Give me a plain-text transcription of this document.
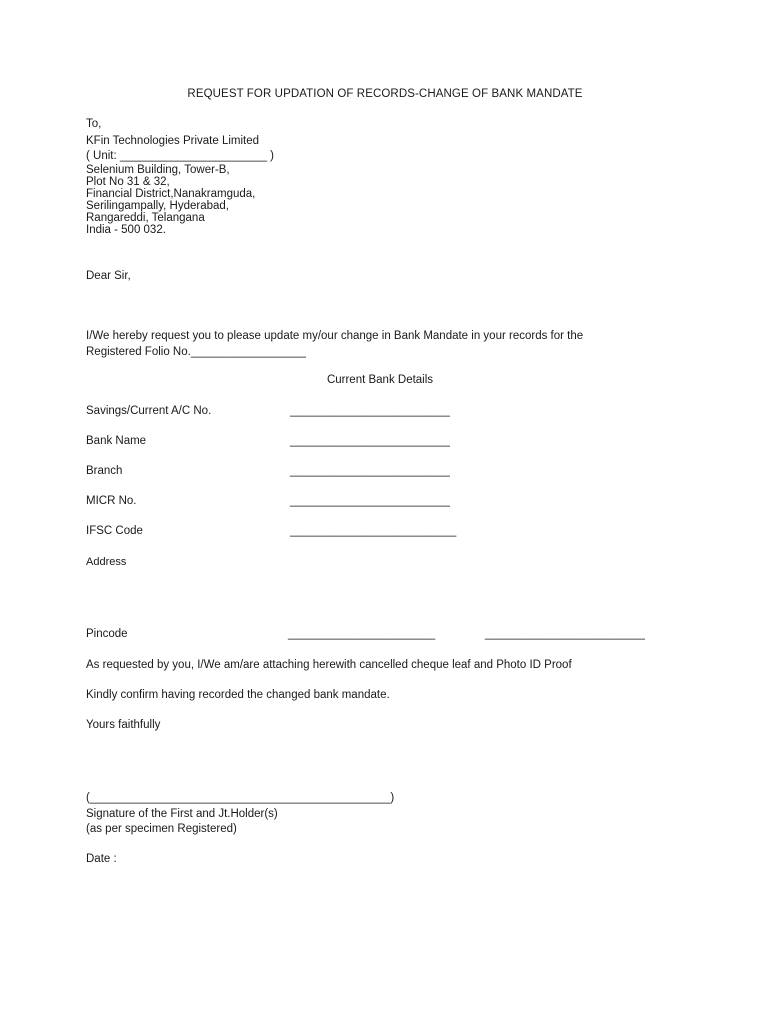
REQUEST FOR UPDATION OF RECORDS-CHANGE OF BANK MANDATE
To,
KFin Technologies Private Limited
( Unit: _______________________ )
Selenium Building, Tower-B,
Plot No 31 & 32,
Financial District,Nanakramguda,
Serilingampally, Hyderabad,
Rangareddi, Telangana
India - 500 032.
Dear Sir,
I/We hereby request you to please update my/our change in Bank Mandate in your records for the
Registered Folio No.__________________
Current Bank Details
Savings/Current A/C No.	_________________________
Bank Name	_________________________
Branch	_________________________
MICR No.	_________________________
IFSC Code	__________________________
Address
Pincode	_______________________	_________________________
As requested by you, I/We am/are attaching herewith cancelled cheque leaf and Photo ID Proof
Kindly confirm having recorded the changed bank mandate.
Yours faithfully
(_______________________________________________)
Signature of the First and Jt.Holder(s)
(as per specimen Registered)
Date :
